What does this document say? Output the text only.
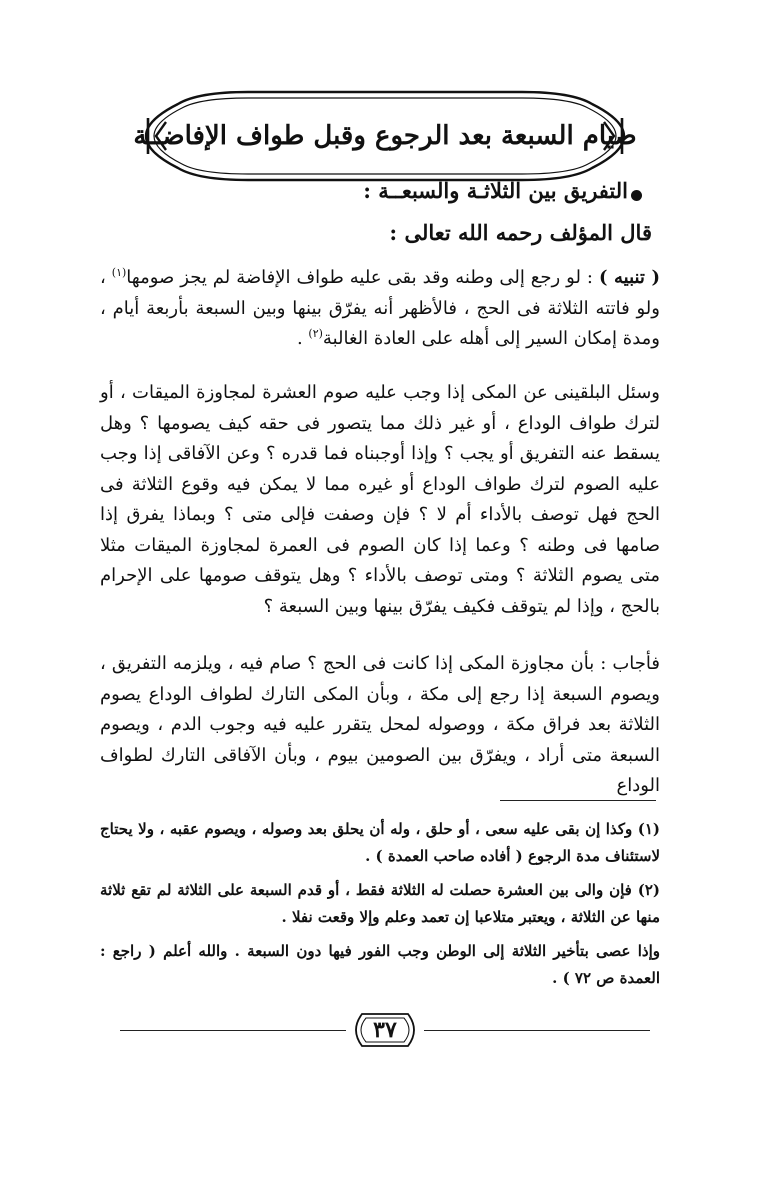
صيام السبعة بعد الرجوع وقبل طواف الإفاضــة
التفريق بين الثلاثـة والسبعــة :
قال المؤلف رحمه الله تعالى :

( تنبيه ) : لو رجع إلى وطنه وقد بقى عليه طواف الإفاضة لم يجز صومها$^{(١)}$ ، ولو فاتته الثلاثة فى الحج ، فالأظهر أنه يفرّق بينها وبين السبعة بأربعة أيام ، ومدة إمكان السير إلى أهله على العادة الغالبة$^{(٢)}$ .

وسئل البلقينى عن المكى إذا وجب عليه صوم العشرة لمجاوزة الميقات ، أو لترك طواف الوداع ، أو غير ذلك مما يتصور فى حقه كيف يصومها ؟ وهل يسقط عنه التفريق أو يجب ؟ وإذا أوجبناه فما قدره ؟ وعن الآفاقى إذا وجب عليه الصوم لترك طواف الوداع أو غيره مما لا يمكن فيه وقوع الثلاثة فى الحج فهل توصف بالأداء أم لا ؟ فإن وصفت فإلى متى ؟ وبماذا يفرق إذا صامها فى وطنه ؟ وعما إذا كان الصوم فى العمرة لمجاوزة الميقات مثلا متى يصوم الثلاثة ؟ ومتى توصف بالأداء ؟ وهل يتوقف صومها على الإحرام بالحج ، وإذا لم يتوقف فكيف يفرّق بينها وبين السبعة ؟

فأجاب : بأن مجاوزة المكى إذا كانت فى الحج ؟ صام فيه ، ويلزمه التفريق ، ويصوم السبعة إذا رجع إلى مكة ، وبأن المكى التارك لطواف الوداع يصوم الثلاثة بعد فراق مكة ، ووصوله لمحل يتقرر عليه فيه وجوب الدم ، ويصوم السبعة متى أراد ، ويفرّق بين الصومين بيوم ، وبأن الآفاقى التارك لطواف الوداع

(١) وكذا إن بقى عليه سعى ، أو حلق ، وله أن يحلق بعد وصوله ، ويصوم عقبه ، ولا يحتاج لاستئناف مدة الرجوع ( أفاده صاحب العمدة ) .

(٢) فإن والى بين العشرة حصلت له الثلاثة فقط ، أو قدم السبعة على الثلاثة لم تقع ثلاثة منها عن الثلاثة ، ويعتبر متلاعبا إن تعمد وعلم وإلا وقعت نفلا .

وإذا عصى بتأخير الثلاثة إلى الوطن وجب الفور فيها دون السبعة . والله أعلم ( راجع : العمدة ص ٧٢ ) .

٣٧
